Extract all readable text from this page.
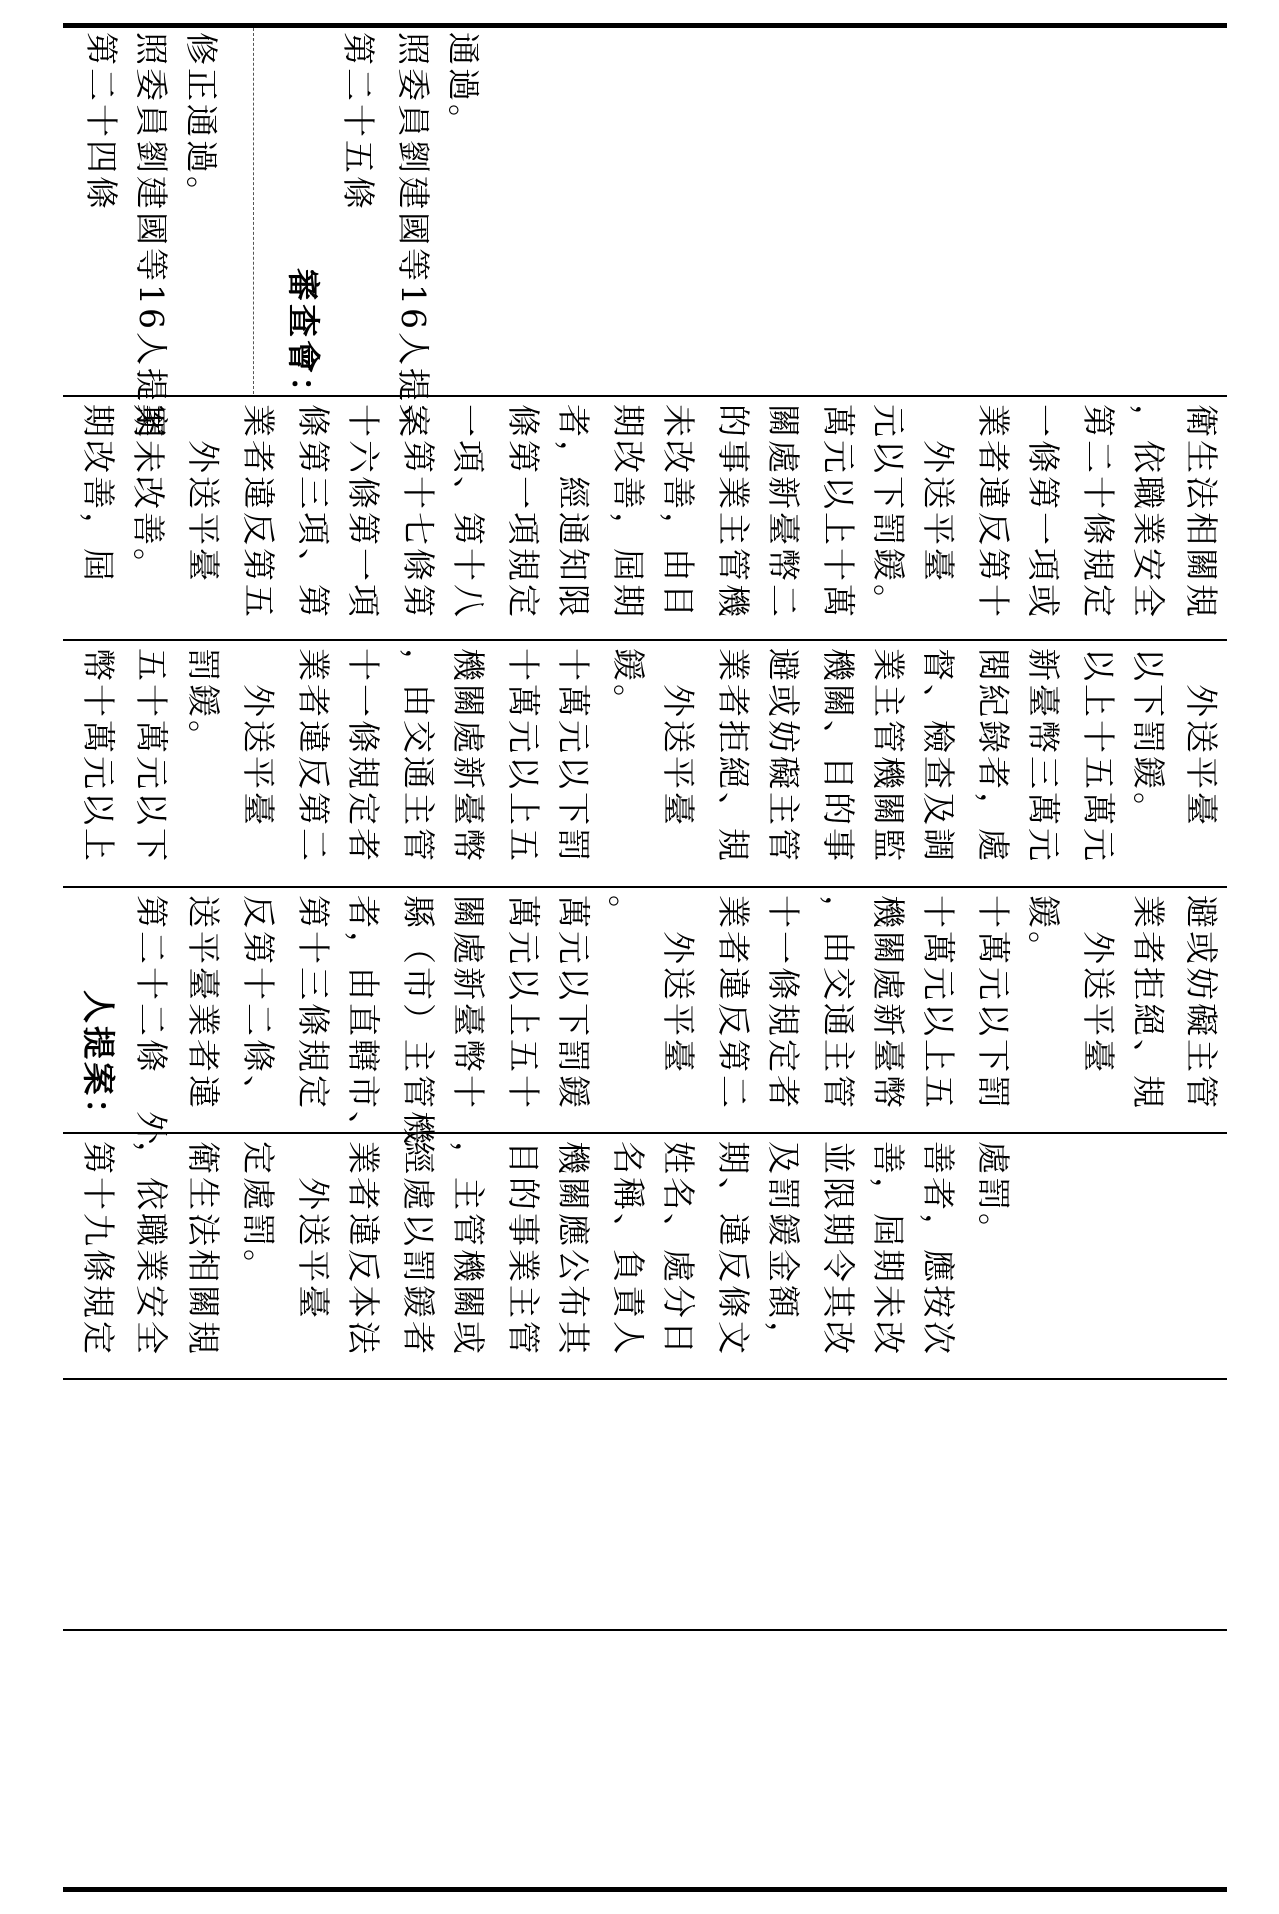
第二十四條 照委員劉建國等16人提案 修正通過。
審查會：
第二十五條 照委員劉建國等16人提案 通過。
期改善，屆 期未改善。 　外送平臺 業者違反第五 條第三項、第 十六條第一項 、第十七條第 一項、第十八 條第一項規定 者，經通知限 期改善，屆期 未改善，由目 的事業主管機 關處新臺幣二 萬元以上十萬 元以下罰鍰。 　外送平臺 業者違反第十 一條第一項或 第二十條規定 ，依職業安全 衛生法相關規
幣十萬元以上 五十萬元以下 罰鍰。 　外送平臺 業者違反第二 十一條規定者 ，由交通主管 機關處新臺幣 十萬元以上五 十萬元以下罰 鍰。 　外送平臺 業者拒絕、規 避或妨礙主管 機關、目的事 業主管機關監 督、檢查及調 閱紀錄者，處 新臺幣三萬元 以上十五萬元 以下罰鍰。 　外送平臺
人提案： 第二十二條　外 送平臺業者違 反第十二條、 第十三條規定 者，由直轄市、 縣（市）主管機 關處新臺幣十 萬元以上五十 萬元以下罰鍰 。 　外送平臺 業者違反第二 十一條規定者 ，由交通主管 機關處新臺幣 十萬元以上五 十萬元以下罰 鍰。 　外送平臺 業者拒絕、規 避或妨礙主管
第十九條規定 ，依職業安全 衛生法相關規 定處罰。 　外送平臺 業者違反本法 經處以罰鍰者 ，主管機關或 目的事業主管 機關應公布其 名稱、負責人 姓名、處分日 期、違反條文 及罰鍰金額， 並限期令其改 善，屆期未改 善者，應按次 處罰。
